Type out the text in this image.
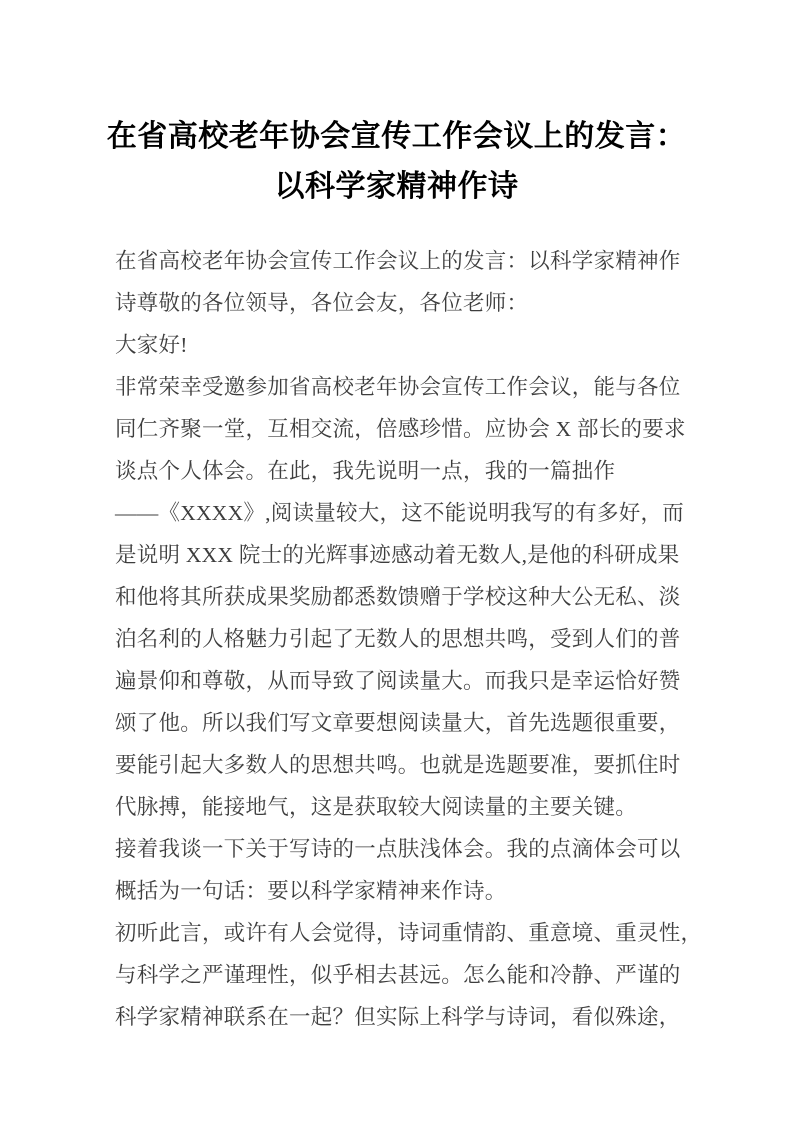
在省高校老年协会宣传工作会议上的发言：
以科学家精神作诗
在省高校老年协会宣传工作会议上的发言：以科学家精神作
诗尊敬的各位领导，各位会友，各位老师：
大家好!
非常荣幸受邀参加省高校老年协会宣传工作会议，能与各位
同仁齐聚一堂，互相交流，倍感珍惜。应协会 X 部长的要求
谈点个人体会。在此，我先说明一点，我的一篇拙作
——《XXXX》,阅读量较大，这不能说明我写的有多好，而
是说明 XXX 院士的光辉事迹感动着无数人,是他的科研成果
和他将其所获成果奖励都悉数馈赠于学校这种大公无私、淡
泊名利的人格魅力引起了无数人的思想共鸣，受到人们的普
遍景仰和尊敬，从而导致了阅读量大。而我只是幸运恰好赞
颂了他。所以我们写文章要想阅读量大，首先选题很重要，
要能引起大多数人的思想共鸣。也就是选题要准，要抓住时
代脉搏，能接地气，这是获取较大阅读量的主要关键。
接着我谈一下关于写诗的一点肤浅体会。我的点滴体会可以
概括为一句话：要以科学家精神来作诗。
初听此言，或许有人会觉得，诗词重情韵、重意境、重灵性，
与科学之严谨理性，似乎相去甚远。怎么能和冷静、严谨的
科学家精神联系在一起？但实际上科学与诗词，看似殊途，
